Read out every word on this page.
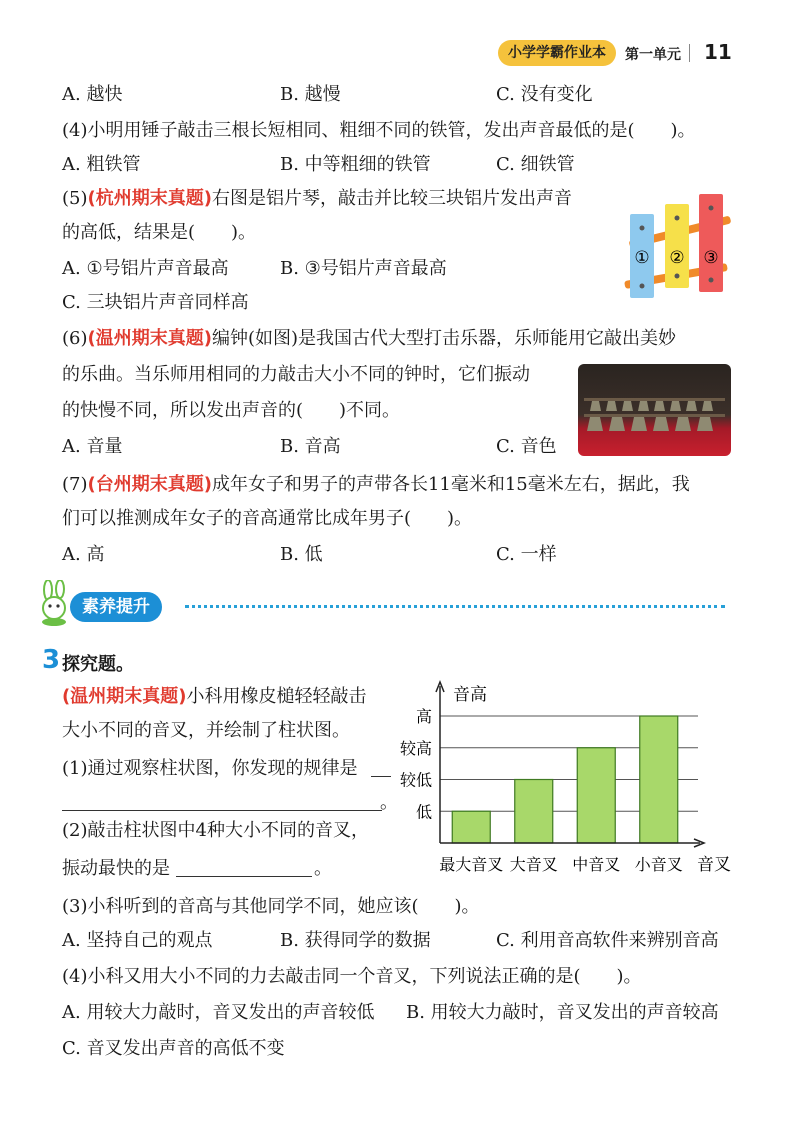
小学学霸作业本	第一单元 11
A. 越快	B. 越慢	C. 没有变化
(4)小明用锤子敲击三根长短相同、粗细不同的铁管，发出声音最低的是(　　)。
A. 粗铁管	B. 中等粗细的铁管	C. 细铁管
(5)(杭州期末真题)右图是铝片琴，敲击并比较三块铝片发出声音
的高低，结果是(　　)。
A. ①号铝片声音最高	B. ③号铝片声音最高
C. 三块铝片声音同样高
① ② ③
(6)(温州期末真题)编钟(如图)是我国古代大型打击乐器，乐师能用它敲出美妙
的乐曲。当乐师用相同的力敲击大小不同的钟时，它们振动
的快慢不同，所以发出声音的(　　)不同。
A. 音量	B. 音高	C. 音色
(7)(台州期末真题)成年女子和男子的声带各长11毫米和15毫米左右，据此，我
们可以推测成年女子的音高通常比成年男子(　　)。
A. 高	B. 低	C. 一样
素养提升
3 探究题。
(温州期末真题)小科用橡皮槌轻轻敲击
大小不同的音叉，并绘制了柱状图。
(1)通过观察柱状图，你发现的规律是
。
(2)敲击柱状图中4种大小不同的音叉，
振动最快的是	。
音高
音叉
低
较低
较高
高
最大音叉 大音叉 中音叉 小音叉
(3)小科听到的音高与其他同学不同，她应该(　　)。
A. 坚持自己的观点	B. 获得同学的数据	C. 利用音高软件来辨别音高
(4)小科又用大小不同的力去敲击同一个音叉，下列说法正确的是(　　)。
A. 用较大力敲时，音叉发出的声音较低 B. 用较大力敲时，音叉发出的声音较高
C. 音叉发出声音的高低不变
